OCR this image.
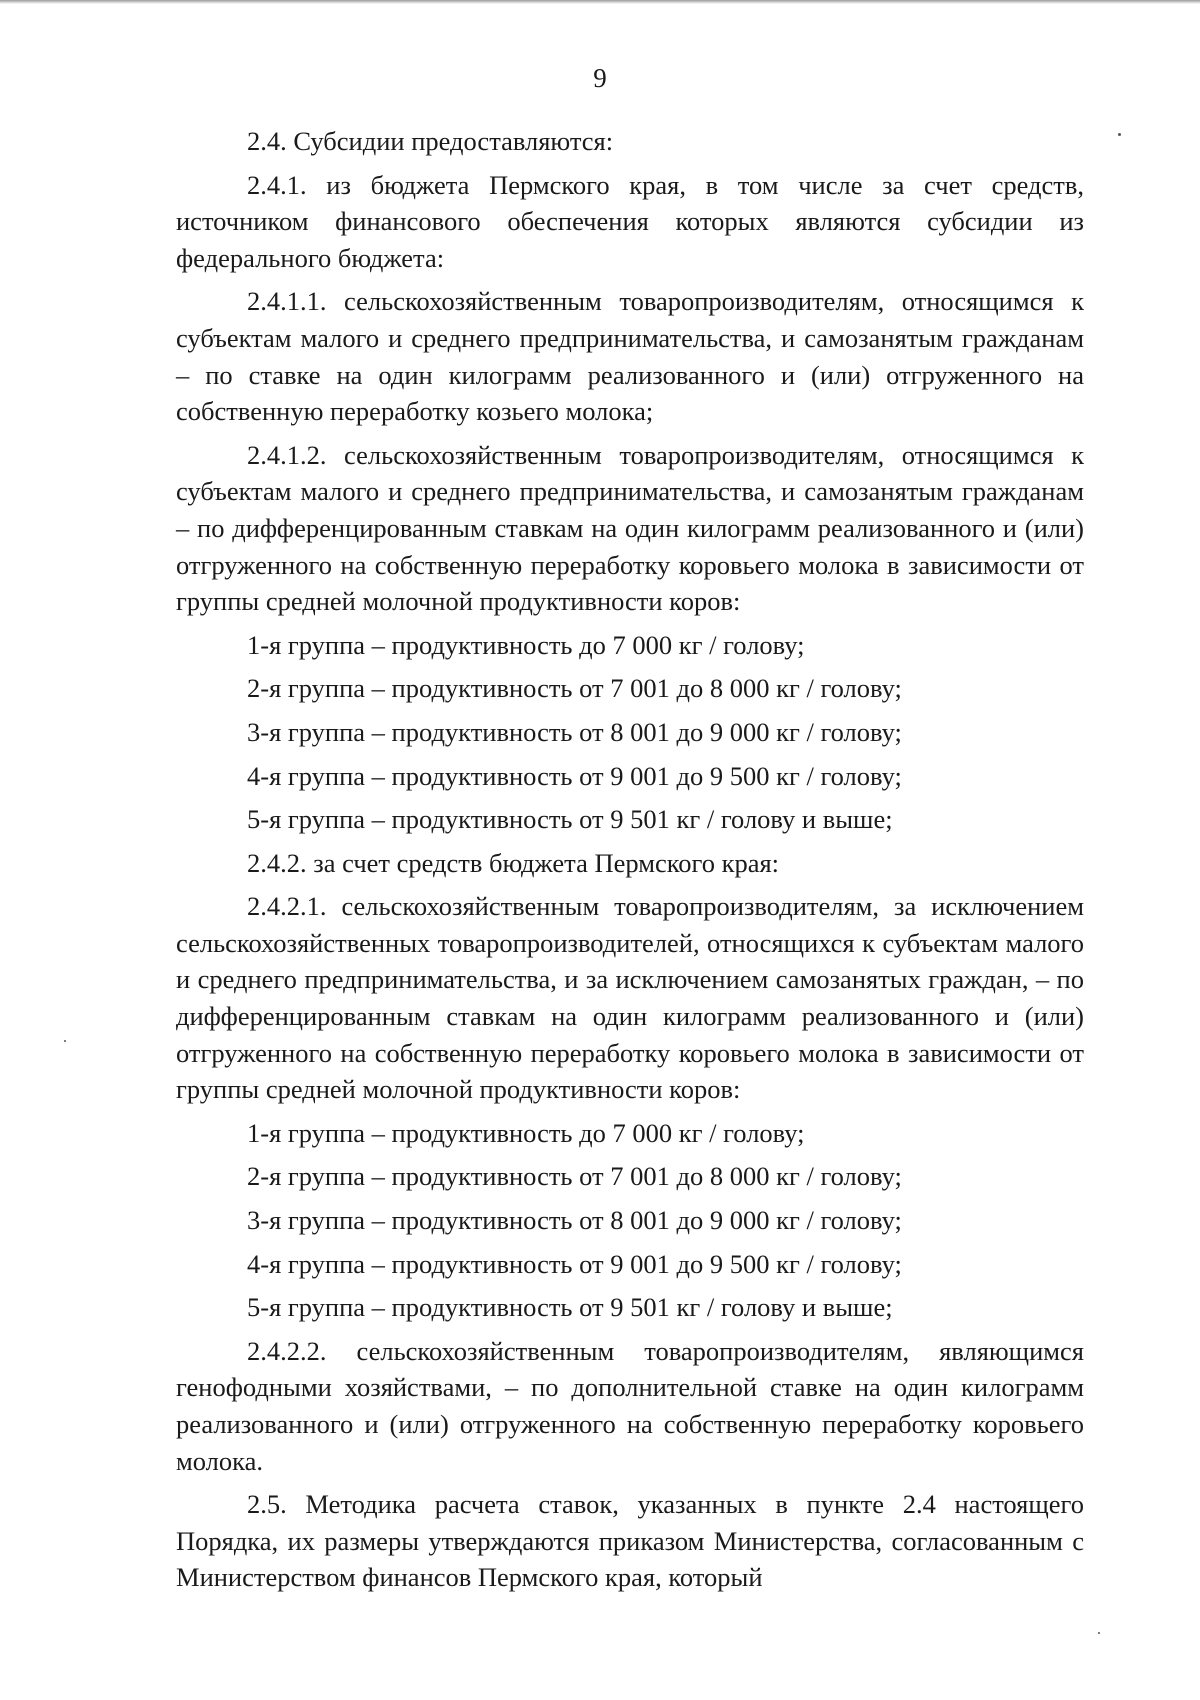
9

2.4. Субсидии предоставляются:

2.4.1. из бюджета Пермского края, в том числе за счет средств, источником финансового обеспечения которых являются субсидии из федерального бюджета:

2.4.1.1. сельскохозяйственным товаропроизводителям, относящимся к субъектам малого и среднего предпринимательства, и самозанятым гражданам – по ставке на один килограмм реализованного и (или) отгруженного на собственную переработку козьего молока;

2.4.1.2. сельскохозяйственным товаропроизводителям, относящимся к субъектам малого и среднего предпринимательства, и самозанятым гражданам – по дифференцированным ставкам на один килограмм реализованного и (или) отгруженного на собственную переработку коровьего молока в зависимости от группы средней молочной продуктивности коров:

1-я группа – продуктивность до 7 000 кг / голову;

2-я группа – продуктивность от 7 001 до 8 000 кг / голову;

3-я группа – продуктивность от 8 001 до 9 000 кг / голову;

4-я группа – продуктивность от 9 001 до 9 500 кг / голову;

5-я группа – продуктивность от 9 501 кг / голову и выше;

2.4.2. за счет средств бюджета Пермского края:

2.4.2.1. сельскохозяйственным товаропроизводителям, за исключением сельскохозяйственных товаропроизводителей, относящихся к субъектам малого и среднего предпринимательства, и за исключением самозанятых граждан, – по дифференцированным ставкам на один килограмм реализованного и (или) отгруженного на собственную переработку коровьего молока в зависимости от группы средней молочной продуктивности коров:

1-я группа – продуктивность до 7 000 кг / голову;

2-я группа – продуктивность от 7 001 до 8 000 кг / голову;

3-я группа – продуктивность от 8 001 до 9 000 кг / голову;

4-я группа – продуктивность от 9 001 до 9 500 кг / голову;

5-я группа – продуктивность от 9 501 кг / голову и выше;

2.4.2.2. сельскохозяйственным товаропроизводителям, являющимся генофодными хозяйствами, – по дополнительной ставке на один килограмм реализованного и (или) отгруженного на собственную переработку коровьего молока.

2.5. Методика расчета ставок, указанных в пункте 2.4 настоящего Порядка, их размеры утверждаются приказом Министерства, согласованным с Министерством финансов Пермского края, который
